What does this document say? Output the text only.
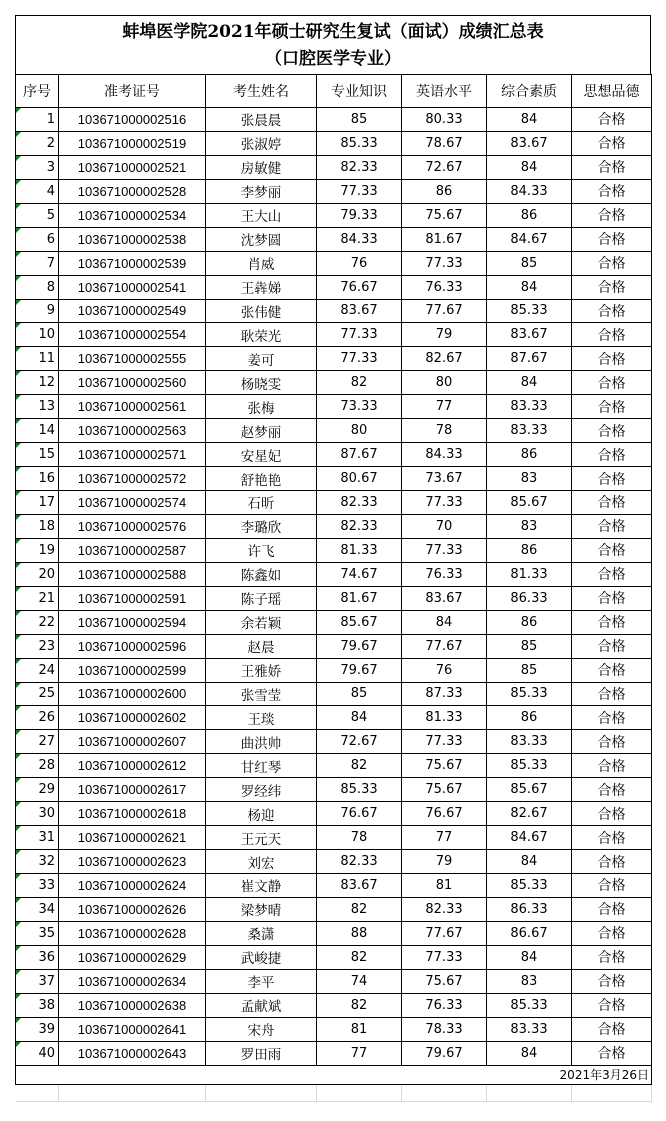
蚌埠医学院2021年硕士研究生复试（面试）成绩汇总表
（口腔医学专业）
序号	准考证号	考生姓名	专业知识	英语水平	综合素质	思想品德
1	103671000002516	张晨晨	85	80.33	84	合格
2	103671000002519	张淑婷	85.33	78.67	83.67	合格
3	103671000002521	房敏健	82.33	72.67	84	合格
4	103671000002528	李梦丽	77.33	86	84.33	合格
5	103671000002534	王大山	79.33	75.67	86	合格
6	103671000002538	沈梦圆	84.33	81.67	84.67	合格
7	103671000002539	肖威	76	77.33	85	合格
8	103671000002541	王犇娣	76.67	76.33	84	合格
9	103671000002549	张伟健	83.67	77.67	85.33	合格
10	103671000002554	耿荣光	77.33	79	83.67	合格
11	103671000002555	姜可	77.33	82.67	87.67	合格
12	103671000002560	杨晓雯	82	80	84	合格
13	103671000002561	张梅	73.33	77	83.33	合格
14	103671000002563	赵梦丽	80	78	83.33	合格
15	103671000002571	安星妃	87.67	84.33	86	合格
16	103671000002572	舒艳艳	80.67	73.67	83	合格
17	103671000002574	石昕	82.33	77.33	85.67	合格
18	103671000002576	李璐欣	82.33	70	83	合格
19	103671000002587	许飞	81.33	77.33	86	合格
20	103671000002588	陈鑫如	74.67	76.33	81.33	合格
21	103671000002591	陈子瑶	81.67	83.67	86.33	合格
22	103671000002594	余若颖	85.67	84	86	合格
23	103671000002596	赵晨	79.67	77.67	85	合格
24	103671000002599	王雅娇	79.67	76	85	合格
25	103671000002600	张雪莹	85	87.33	85.33	合格
26	103671000002602	王琰	84	81.33	86	合格
27	103671000002607	曲洪帅	72.67	77.33	83.33	合格
28	103671000002612	甘红琴	82	75.67	85.33	合格
29	103671000002617	罗经纬	85.33	75.67	85.67	合格
30	103671000002618	杨迎	76.67	76.67	82.67	合格
31	103671000002621	王元天	78	77	84.67	合格
32	103671000002623	刘宏	82.33	79	84	合格
33	103671000002624	崔文静	83.67	81	85.33	合格
34	103671000002626	梁梦晴	82	82.33	86.33	合格
35	103671000002628	桑潇	88	77.67	86.67	合格
36	103671000002629	武峻捷	82	77.33	84	合格
37	103671000002634	李平	74	75.67	83	合格
38	103671000002638	孟献斌	82	76.33	85.33	合格
39	103671000002641	宋舟	81	78.33	83.33	合格
40	103671000002643	罗田雨	77	79.67	84	合格
2021年3月26日						
